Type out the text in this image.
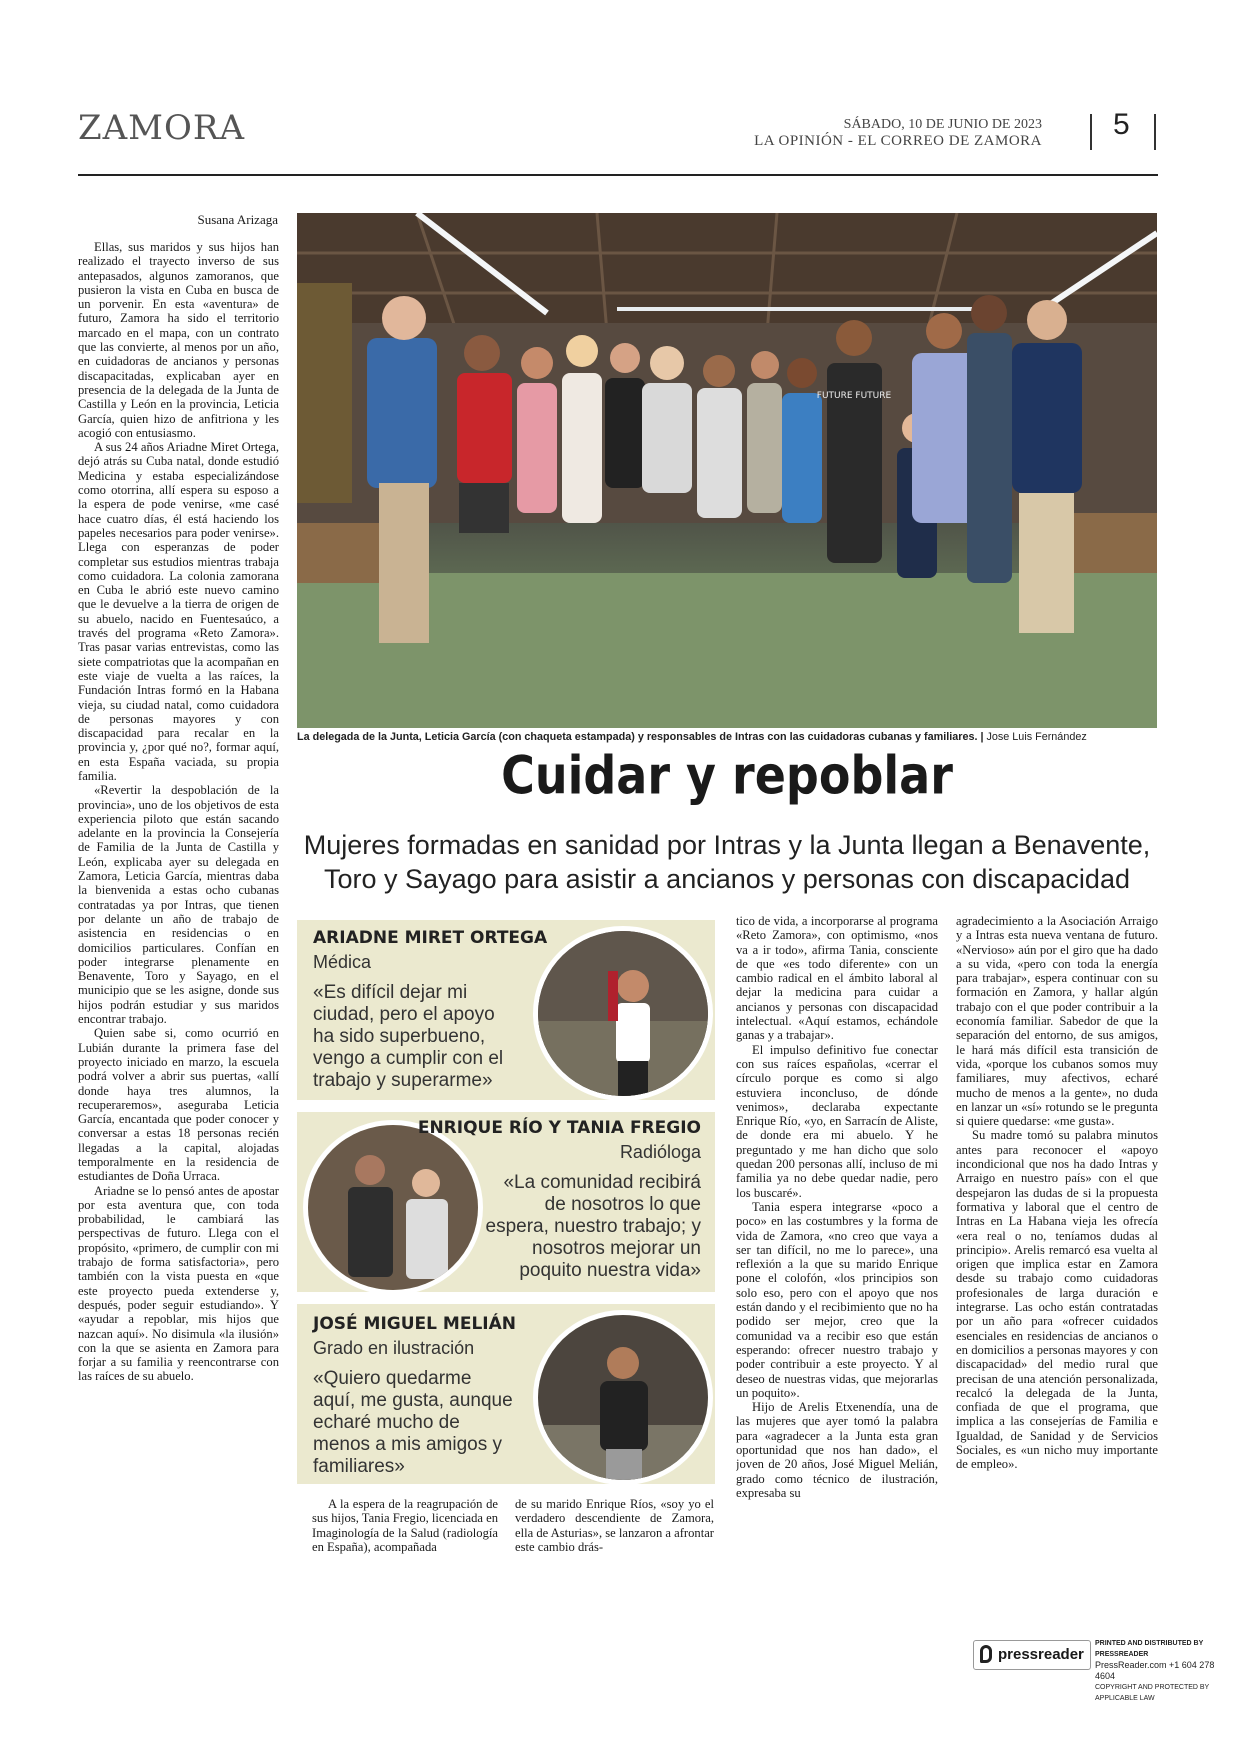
ZAMORA	SÁBADO, 10 DE JUNIO DE 2023
LA OPINIÓN - EL CORREO DE ZAMORA 5
Susana Arizaga

Ellas, sus maridos y sus hijos han realizado el trayecto inverso de sus antepasados, algunos zamoranos, que pusieron la vista en Cuba en busca de un porvenir. En esta «aventura» de futuro, Zamora ha sido el territorio marcado en el mapa, con un contrato que las convierte, al menos por un año, en cuidadoras de ancianos y personas discapacitadas, explicaban ayer en presencia de la delegada de la Junta de Castilla y León en la provincia, Leticia García, quien hizo de anfitriona y les acogió con entusiasmo.

A sus 24 años Ariadne Miret Ortega, dejó atrás su Cuba natal, donde estudió Medicina y estaba especializándose como otorrina, allí espera su esposo a la espera de pode venirse, «me casé hace cuatro días, él está haciendo los papeles necesarios para poder venirse». Llega con esperanzas de poder completar sus estudios mientras trabaja como cuidadora. La colonia zamorana en Cuba le abrió este nuevo camino que le devuelve a la tierra de origen de su abuelo, nacido en Fuentesaúco, a través del programa «Reto Zamora». Tras pasar varias entrevistas, como las siete compatriotas que la acompañan en este viaje de vuelta a las raíces, la Fundación Intras formó en la Habana vieja, su ciudad natal, como cuidadora de personas mayores y con discapacidad para recalar en la provincia y, ¿por qué no?, formar aquí, en esta España vaciada, su propia familia.

«Revertir la despoblación de la provincia», uno de los objetivos de esta experiencia piloto que están sacando adelante en la provincia la Consejería de Familia de la Junta de Castilla y León, explicaba ayer su delegada en Zamora, Leticia García, mientras daba la bienvenida a estas ocho cubanas contratadas ya por Intras, que tienen por delante un año de trabajo de asistencia en residencias o en domicilios particulares. Confían en poder integrarse plenamente en Benavente, Toro y Sayago, en el municipio que se les asigne, donde sus hijos podrán estudiar y sus maridos encontrar trabajo.

Quien sabe si, como ocurrió en Lubián durante la primera fase del proyecto iniciado en marzo, la escuela podrá volver a abrir sus puertas, «allí donde haya tres alumnos, la recuperaremos», aseguraba Leticia García, encantada que poder conocer y conversar a estas 18 personas recién llegadas a la capital, alojadas temporalmente en la residencia de estudiantes de Doña Urraca.

Ariadne se lo pensó antes de apostar por esta aventura que, con toda probabilidad, le cambiará las perspectivas de futuro. Llega con el propósito, «primero, de cumplir con mi trabajo de forma satisfactoria», pero también con la vista puesta en «que este proyecto pueda extenderse y, después, poder seguir estudiando». Y «ayudar a repoblar, mis hijos que nazcan aquí». No disimula «la ilusión» con la que se asienta en Zamora para forjar a su familia y reencontrarse con las raíces de su abuelo.

FUTURE FUTURE
La delegada de la Junta, Leticia García (con chaqueta estampada) y responsables de Intras con las cuidadoras cubanas y familiares. | Jose Luis Fernández
Cuidar y repoblar
Mujeres formadas en sanidad por Intras y la Junta llegan a Benavente,
Toro y Sayago para asistir a ancianos y personas con discapacidad
ARIADNE MIRET ORTEGA
Médica
«Es difícil dejar mi ciudad, pero el apoyo ha sido superbueno, vengo a cumplir con el trabajo y superarme»
ENRIQUE RÍO Y TANIA FREGIO
Radióloga
«La comunidad recibirá de nosotros lo que espera, nuestro trabajo; y nosotros mejorar un poquito nuestra vida»
JOSÉ MIGUEL MELIÁN
Grado en ilustración
«Quiero quedarme aquí, me gusta, aunque echaré mucho de menos a mis amigos y familiares»

A la espera de la reagrupación de sus hijos, Tania Fregio, licenciada en Imaginología de la Salud (radiología en España), acompañada

de su marido Enrique Ríos, «soy yo el verdadero descendiente de Zamora, ella de Asturias», se lanzaron a afrontar este cambio drás-

tico de vida, a incorporarse al programa «Reto Zamora», con optimismo, «nos va a ir todo», afirma Tania, consciente de que «es todo diferente» con un cambio radical en el ámbito laboral al dejar la medicina para cuidar a ancianos y personas con discapacidad intelectual. «Aquí estamos, echándole ganas y a trabajar».

El impulso definitivo fue conectar con sus raíces españolas, «cerrar el círculo porque es como si algo estuviera inconcluso, de dónde venimos», declaraba expectante Enrique Río, «yo, en Sarracín de Aliste, de donde era mi abuelo. Y he preguntado y me han dicho que solo quedan 200 personas allí, incluso de mi familia ya no debe quedar nadie, pero los buscaré».

Tania espera integrarse «poco a poco» en las costumbres y la forma de vida de Zamora, «no creo que vaya a ser tan difícil, no me lo parece», una reflexión a la que su marido Enrique pone el colofón, «los principios son solo eso, pero con el apoyo que nos están dando y el recibimiento que no ha podido ser mejor, creo que la comunidad va a recibir eso que están esperando: ofrecer nuestro trabajo y poder contribuir a este proyecto. Y al deseo de nuestras vidas, que mejorarlas un poquito».

Hijo de Arelis Etxenendía, una de las mujeres que ayer tomó la palabra para «agradecer a la Junta esta gran oportunidad que nos han dado», el joven de 20 años, José Miguel Melián, grado como técnico de ilustración, expresaba su

agradecimiento a la Asociación Arraigo y a Intras esta nueva ventana de futuro. «Nervioso» aún por el giro que ha dado a su vida, «pero con toda la energía para trabajar», espera continuar con su formación en Zamora, y hallar algún trabajo con el que poder contribuir a la economía familiar. Sabedor de que la separación del entorno, de sus amigos, le hará más difícil esta transición de vida, «porque los cubanos somos muy familiares, muy afectivos, echaré mucho de menos a la gente», no duda en lanzar un «sí» rotundo se le pregunta si quiere quedarse: «me gusta».

Su madre tomó su palabra minutos antes para reconocer el «apoyo incondicional que nos ha dado Intras y Arraigo en nuestro país» con el que despejaron las dudas de si la propuesta formativa y laboral que el centro de Intras en La Habana vieja les ofrecía «era real o no, teníamos dudas al principio». Arelis remarcó esa vuelta al origen que implica estar en Zamora desde su trabajo como cuidadoras profesionales de larga duración e integrarse. Las ocho están contratadas por un año para «ofrecer cuidados esenciales en residencias de ancianos o en domicilios a personas mayores y con discapacidad» del medio rural que precisan de una atención personalizada, recalcó la delegada de la Junta, confiada de que el programa, que implica a las consejerías de Familia e Igualdad, de Sanidad y de Servicios Sociales, es «un nicho muy importante de empleo».

pressreader
PRINTED AND DISTRIBUTED BY PRESSREADER
PressReader.com +1 604 278 4604
COPYRIGHT AND PROTECTED BY APPLICABLE LAW
